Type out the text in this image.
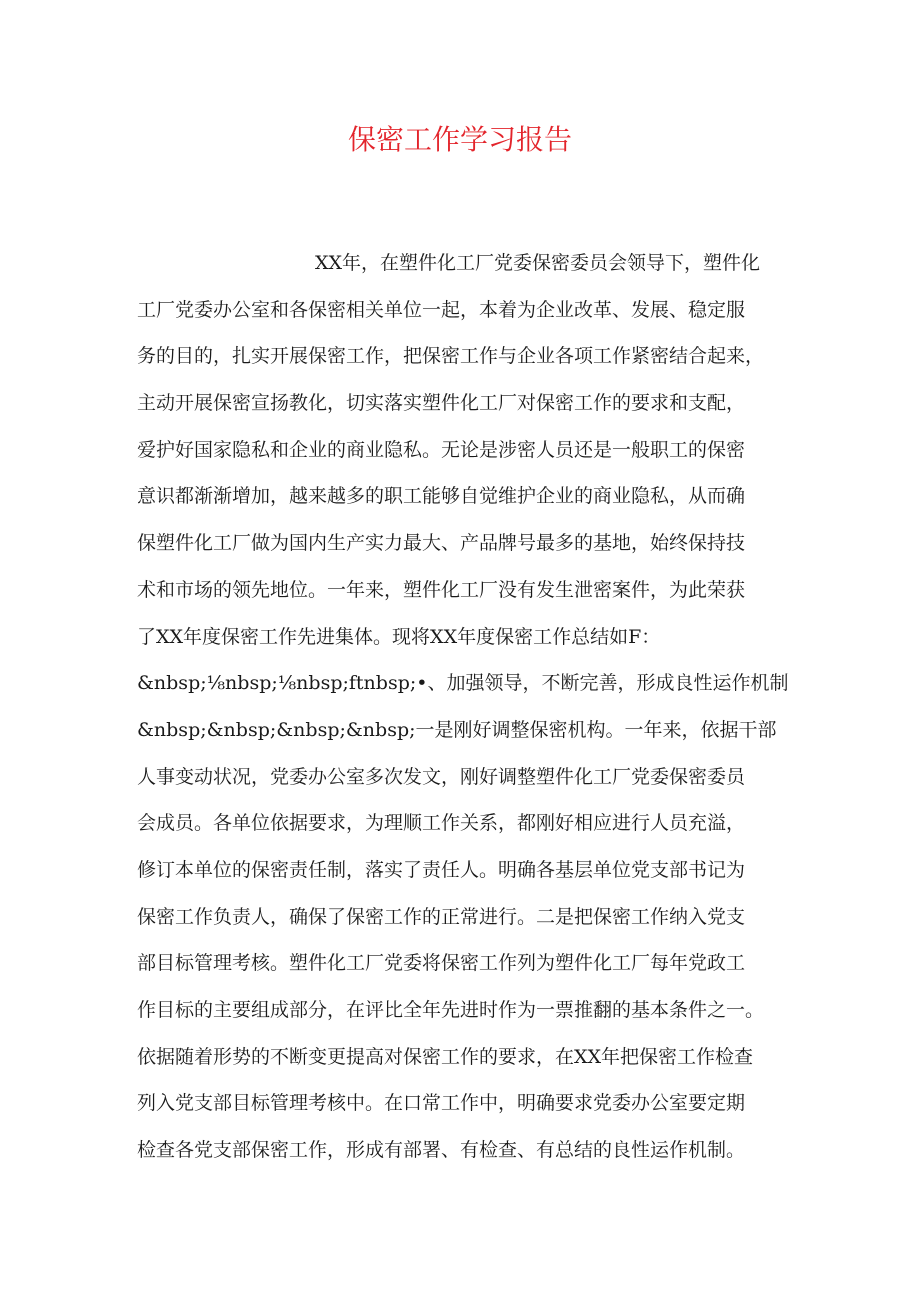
保密工作学习报告
XX年，在塑件化工厂党委保密委员会领导下，塑件化
工厂党委办公室和各保密相关单位一起，本着为企业改革、发展、稳定服
务的目的，扎实开展保密工作，把保密工作与企业各项工作紧密结合起来，
主动开展保密宣扬教化，切实落实塑件化工厂对保密工作的要求和支配，
爱护好国家隐私和企业的商业隐私。无论是涉密人员还是一般职工的保密
意识都渐渐增加，越来越多的职工能够自觉维护企业的商业隐私，从而确
保塑件化工厂做为国内生产实力最大、产品牌号最多的基地，始终保持技
术和市场的领先地位。一年来，塑件化工厂没有发生泄密案件，为此荣获
了XX年度保密工作先进集体。现将XX年度保密工作总结如F：
&nbsp;⅛nbsp;⅛nbsp;ftnbsp;•、加强领导，不断完善，形成良性运作机制
&nbsp;&nbsp;&nbsp;&nbsp;一是刚好调整保密机构。一年来，依据干部
人事变动状况，党委办公室多次发文，刚好调整塑件化工厂党委保密委员
会成员。各单位依据要求，为理顺工作关系，都刚好相应进行人员充溢，
修订本单位的保密责任制，落实了责任人。明确各基层单位党支部书记为
保密工作负责人，确保了保密工作的正常进行。二是把保密工作纳入党支
部目标管理考核。塑件化工厂党委将保密工作列为塑件化工厂每年党政工
作目标的主要组成部分，在评比全年先进时作为一票推翻的基本条件之一。
依据随着形势的不断变更提高对保密工作的要求，在XX年把保密工作检查
列入党支部目标管理考核中。在口常工作中，明确要求党委办公室要定期
检查各党支部保密工作，形成有部署、有检查、有总结的良性运作机制。
